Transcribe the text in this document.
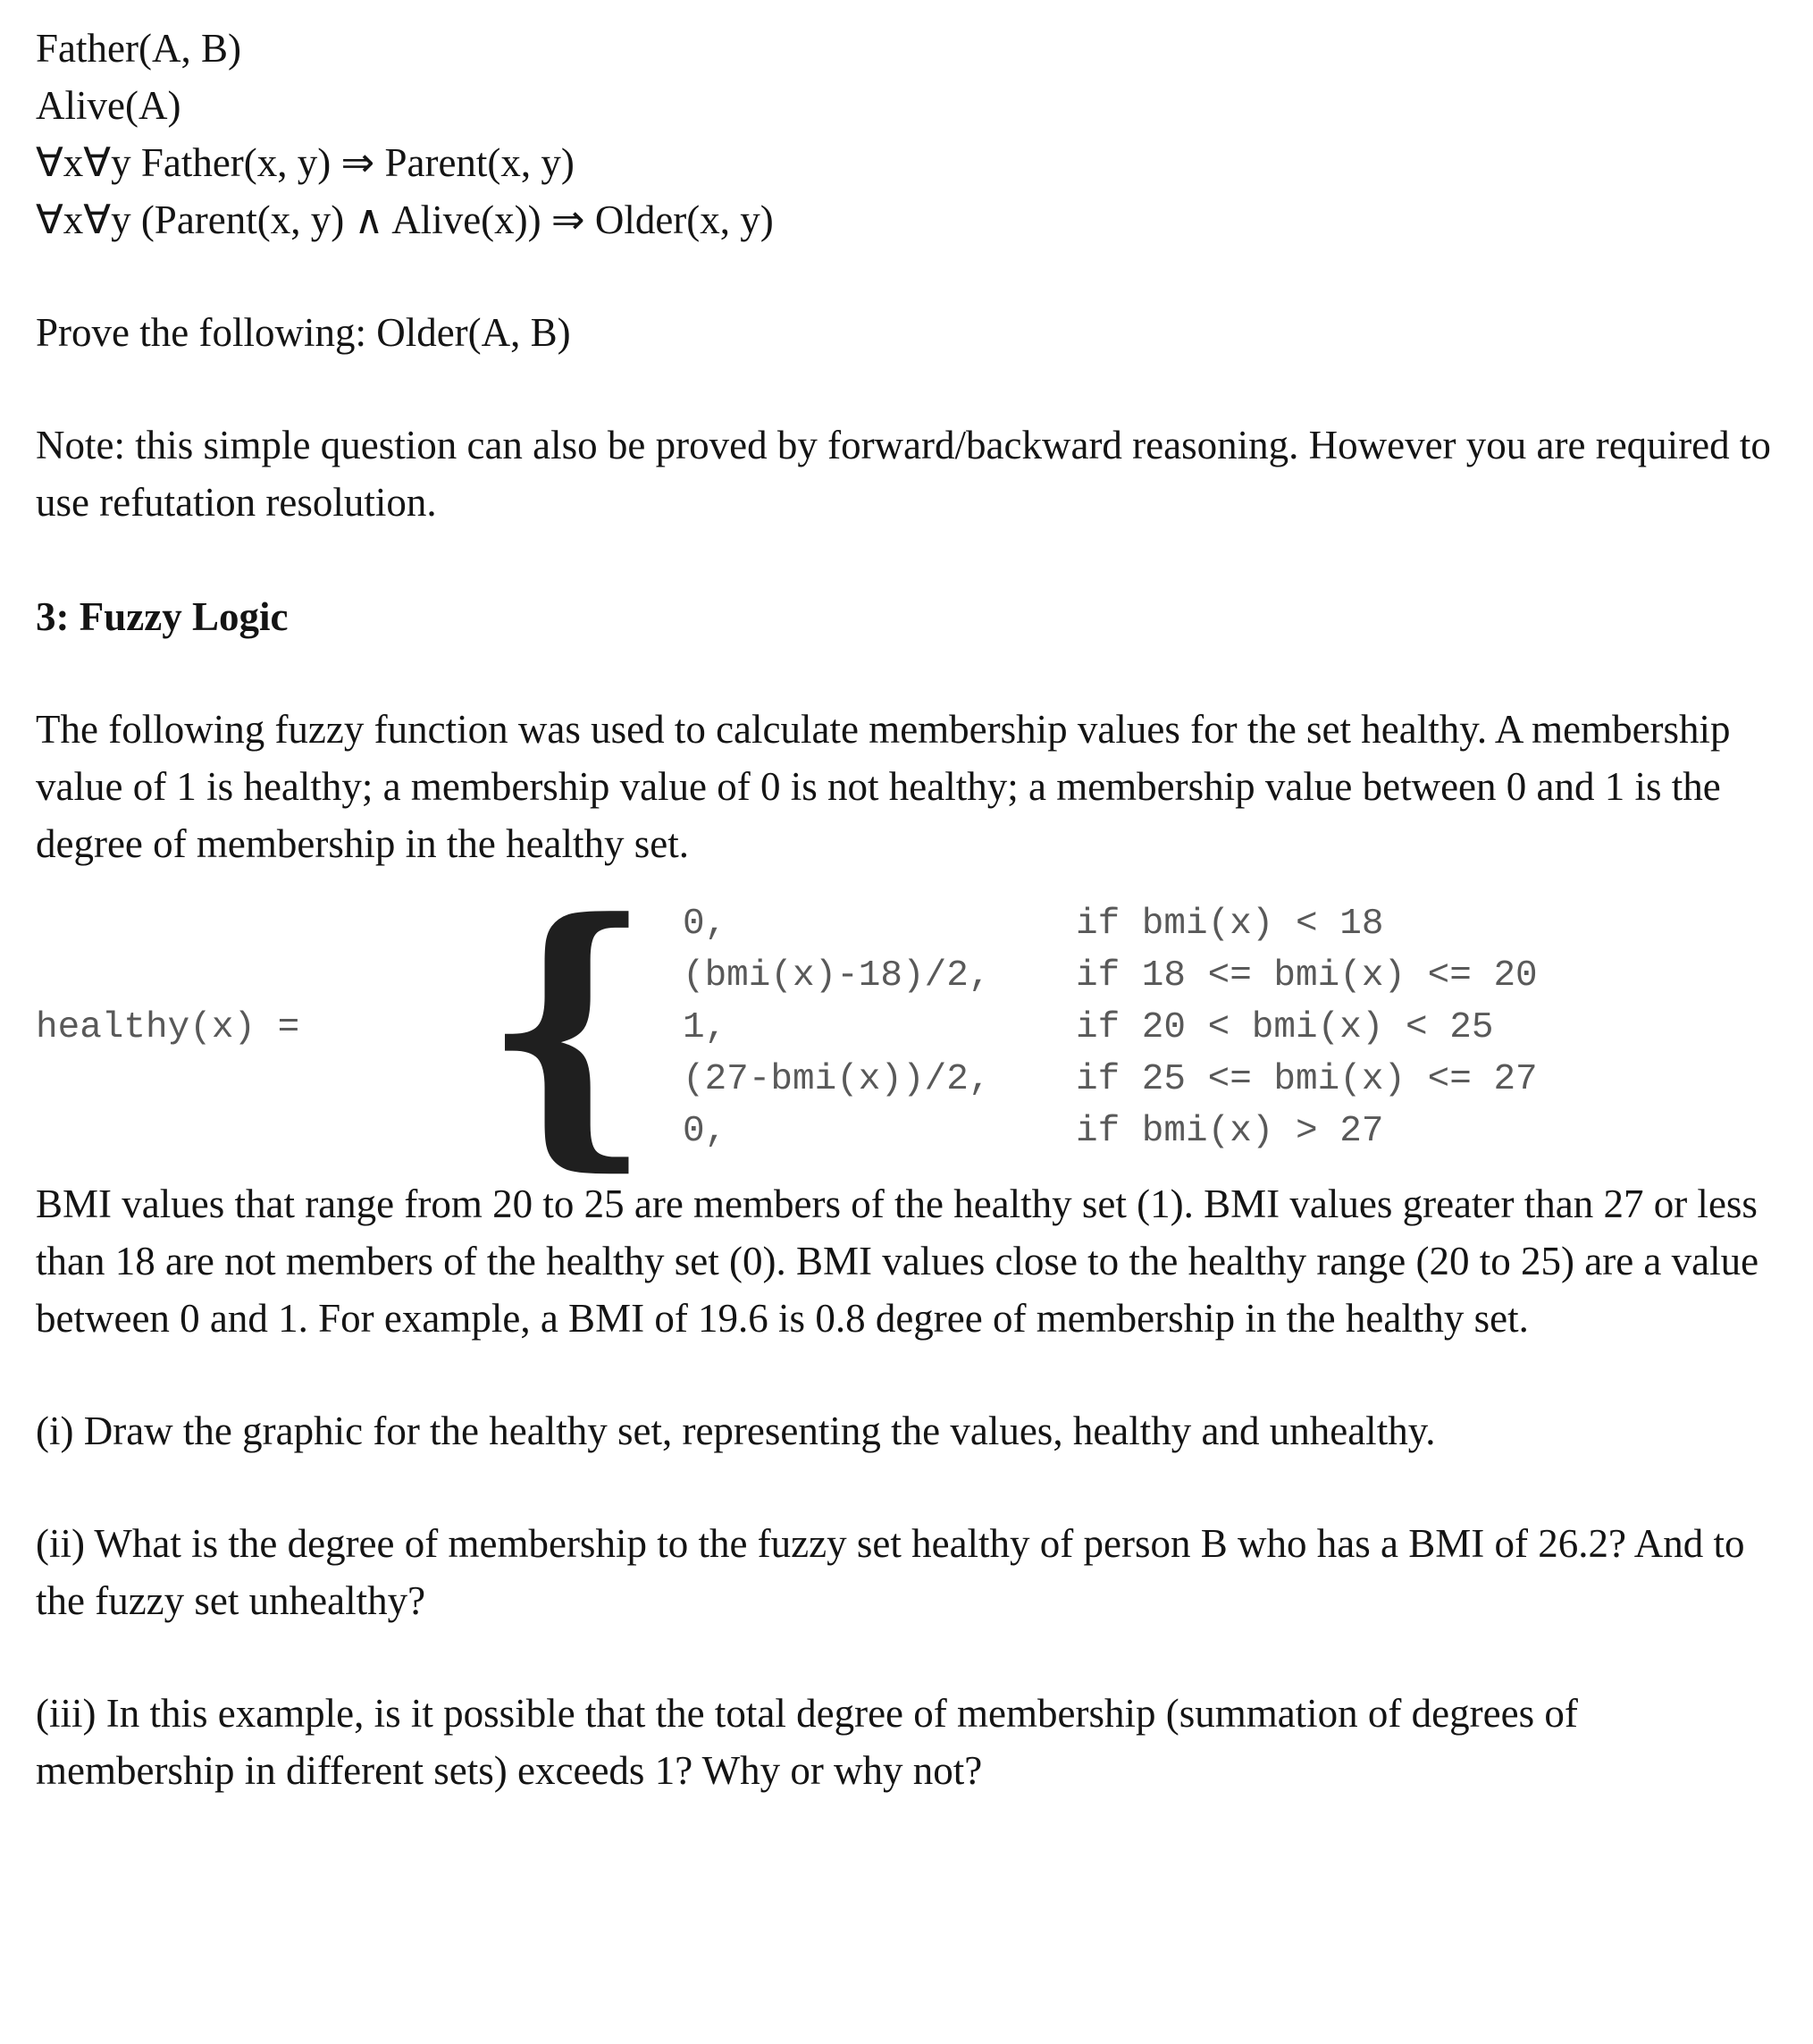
Father(A, B)
Alive(A)
∀x∀y Father(x, y) ⇒ Parent(x, y)
∀x∀y (Parent(x, y) ∧ Alive(x)) ⇒ Older(x, y)
Prove the following: Older(A, B)
Note: this simple question can also be proved by forward/backward reasoning. However you are required to use refutation resolution.
3: Fuzzy Logic
The following fuzzy function was used to calculate membership values for the set healthy. A membership value of 1 is healthy; a membership value of 0 is not healthy; a membership value between 0 and 1 is the degree of membership in the healthy set.
healthy(x) = { 0,	if bmi(x) < 18
(bmi(x)-18)/2,	if 18 <= bmi(x) <= 20
1,	if 20 < bmi(x) < 25
(27-bmi(x))/2,	if 25 <= bmi(x) <= 27
0,	if bmi(x) > 27
BMI values that range from 20 to 25 are members of the healthy set (1). BMI values greater than 27 or less than 18 are not members of the healthy set (0). BMI values close to the healthy range (20 to 25) are a value between 0 and 1. For example, a BMI of 19.6 is 0.8 degree of membership in the healthy set.
(i) Draw the graphic for the healthy set, representing the values, healthy and unhealthy.
(ii) What is the degree of membership to the fuzzy set healthy of person B who has a BMI of 26.2? And to the fuzzy set unhealthy?
(iii) In this example, is it possible that the total degree of membership (summation of degrees of membership in different sets) exceeds 1? Why or why not?
